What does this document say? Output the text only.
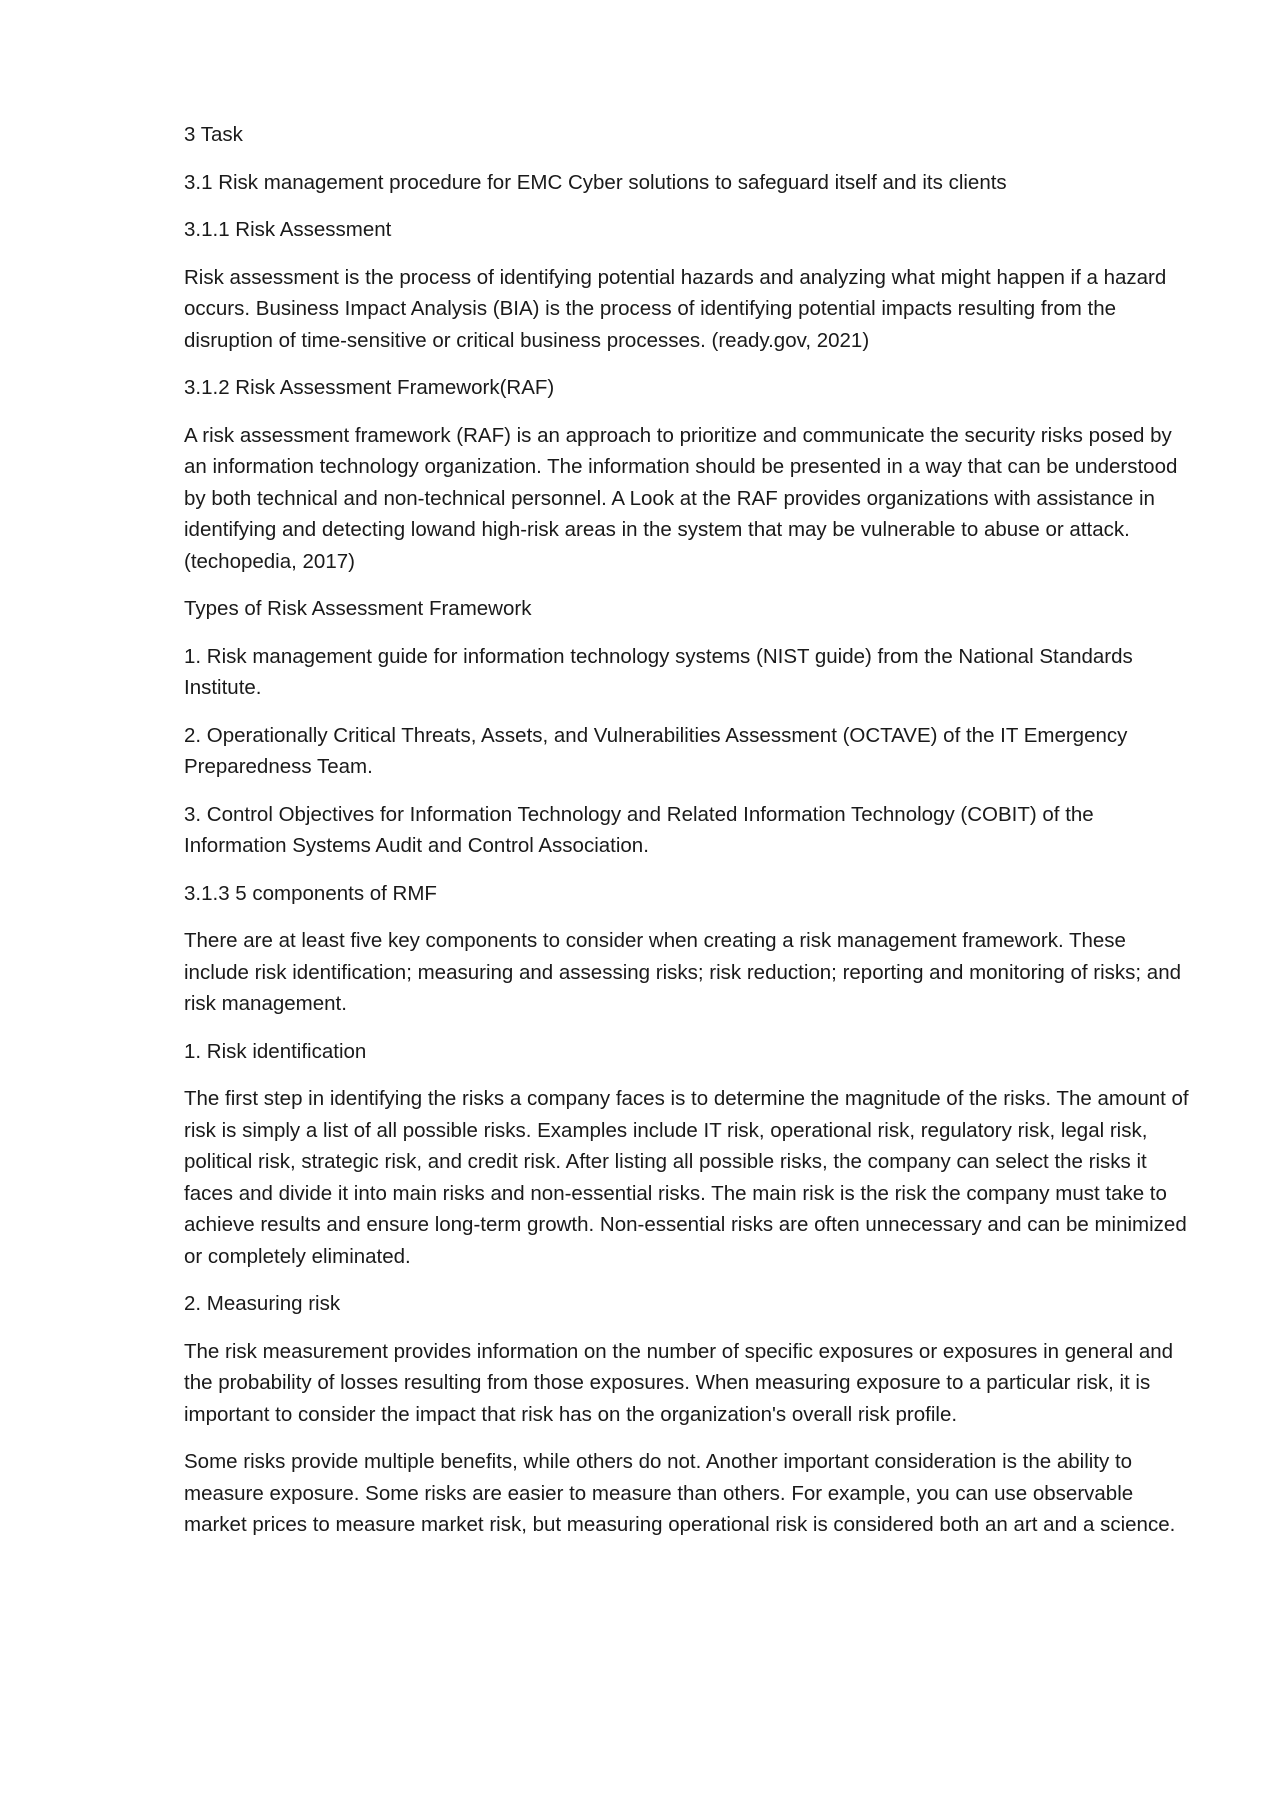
3 Task

3.1 Risk management procedure for EMC Cyber solutions to safeguard itself and its clients

3.1.1 Risk Assessment

Risk assessment is the process of identifying potential hazards and analyzing what might happen if a hazard occurs. Business Impact Analysis (BIA) is the process of identifying potential impacts resulting from the disruption of time-sensitive or critical business processes. (ready.gov, 2021)

3.1.2 Risk Assessment Framework(RAF)

A risk assessment framework (RAF) is an approach to prioritize and communicate the security risks posed by an information technology organization. The information should be presented in a way that can be understood by both technical and non-technical personnel. A Look at the RAF provides organizations with assistance in identifying and detecting lowand high-risk areas in the system that may be vulnerable to abuse or attack. (techopedia, 2017)

Types of Risk Assessment Framework

1. Risk management guide for information technology systems (NIST guide) from the National Standards Institute.

2. Operationally Critical Threats, Assets, and Vulnerabilities Assessment (OCTAVE) of the IT Emergency Preparedness Team.

3. Control Objectives for Information Technology and Related Information Technology (COBIT) of the Information Systems Audit and Control Association.

3.1.3 5 components of RMF

There are at least five key components to consider when creating a risk management framework. These include risk identification; measuring and assessing risks; risk reduction; reporting and monitoring of risks; and risk management.

1. Risk identification

The first step in identifying the risks a company faces is to determine the magnitude of the risks. The amount of risk is simply a list of all possible risks. Examples include IT risk, operational risk, regulatory risk, legal risk, political risk, strategic risk, and credit risk. After listing all possible risks, the company can select the risks it faces and divide it into main risks and non-essential risks. The main risk is the risk the company must take to achieve results and ensure long-term growth. Non-essential risks are often unnecessary and can be minimized or completely eliminated.

2. Measuring risk

The risk measurement provides information on the number of specific exposures or exposures in general and the probability of losses resulting from those exposures. When measuring exposure to a particular risk, it is important to consider the impact that risk has on the organization's overall risk profile.

Some risks provide multiple benefits, while others do not. Another important consideration is the ability to measure exposure. Some risks are easier to measure than others. For example, you can use observable market prices to measure market risk, but measuring operational risk is considered both an art and a science.
